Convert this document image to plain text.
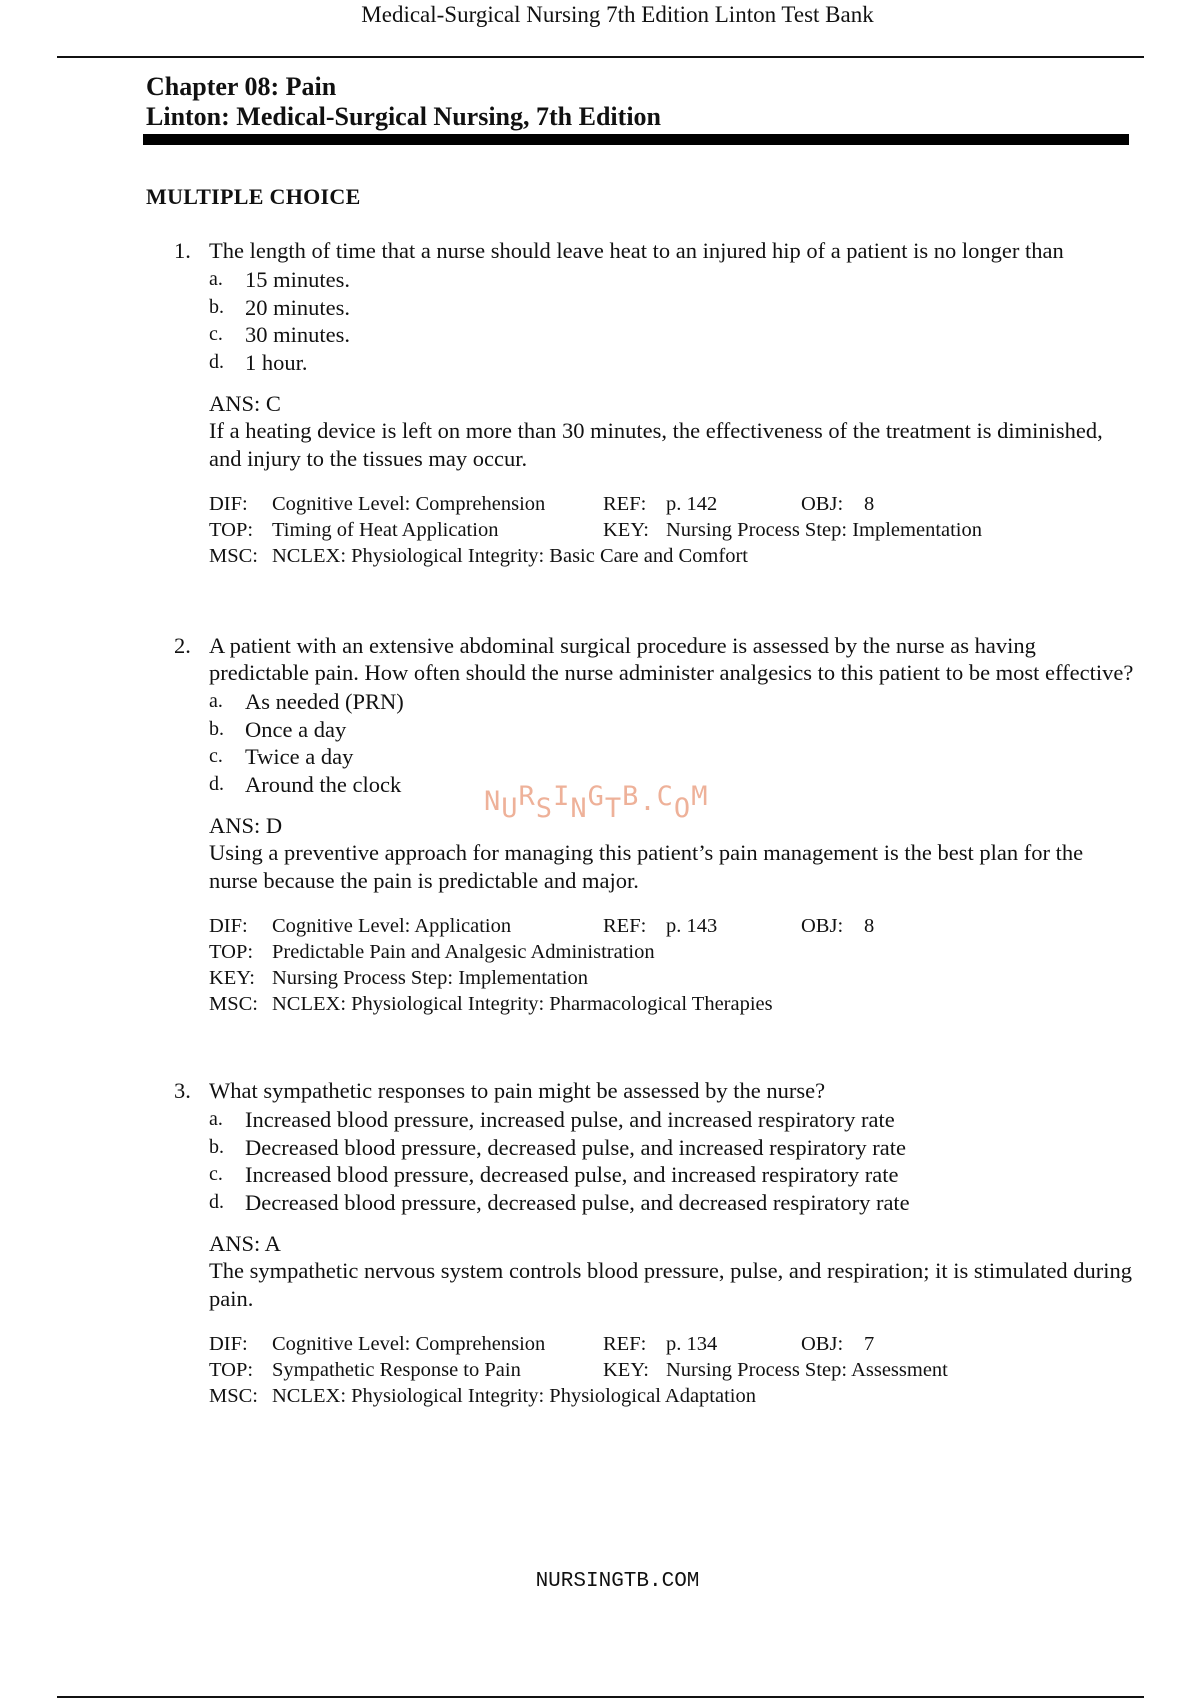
Medical-Surgical Nursing 7th Edition Linton Test Bank
Chapter 08: Pain
Linton: Medical-Surgical Nursing, 7th Edition
MULTIPLE CHOICE
1. The length of time that a nurse should leave heat to an injured hip of a patient is no longer than
a. 15 minutes.
b. 20 minutes.
c. 30 minutes.
d. 1 hour.
ANS: C
If a heating device is left on more than 30 minutes, the effectiveness of the treatment is diminished, and injury to the tissues may occur.
DIF:	Cognitive Level: Comprehension	REF: p. 142	OBJ:	8
TOP: Timing of Heat Application	KEY: Nursing Process Step: Implementation
MSC: NCLEX: Physiological Integrity: Basic Care and Comfort
2. A patient with an extensive abdominal surgical procedure is assessed by the nurse as having predictable pain. How often should the nurse administer analgesics to this patient to be most effective?
a. As needed (PRN)
b. Once a day
c. Twice a day
d. Around the clock
ANS: D
Using a preventive approach for managing this patient’s pain management is the best plan for the nurse because the pain is predictable and major.
DIF:	Cognitive Level: Application	REF: p. 143	OBJ:	8
TOP: Predictable Pain and Analgesic Administration
KEY: Nursing Process Step: Implementation
MSC: NCLEX: Physiological Integrity: Pharmacological Therapies
3. What sympathetic responses to pain might be assessed by the nurse?
a. Increased blood pressure, increased pulse, and increased respiratory rate
b. Decreased blood pressure, decreased pulse, and increased respiratory rate
c. Increased blood pressure, decreased pulse, and increased respiratory rate
d. Decreased blood pressure, decreased pulse, and decreased respiratory rate
ANS: A
The sympathetic nervous system controls blood pressure, pulse, and respiration; it is stimulated during pain.
DIF:	Cognitive Level: Comprehension	REF: p. 134	OBJ:	7
TOP: Sympathetic Response to Pain	KEY: Nursing Process Step: Assessment
MSC: NCLEX: Physiological Integrity: Physiological Adaptation
NURSINGTB.COM
NURSINGTB.COM
